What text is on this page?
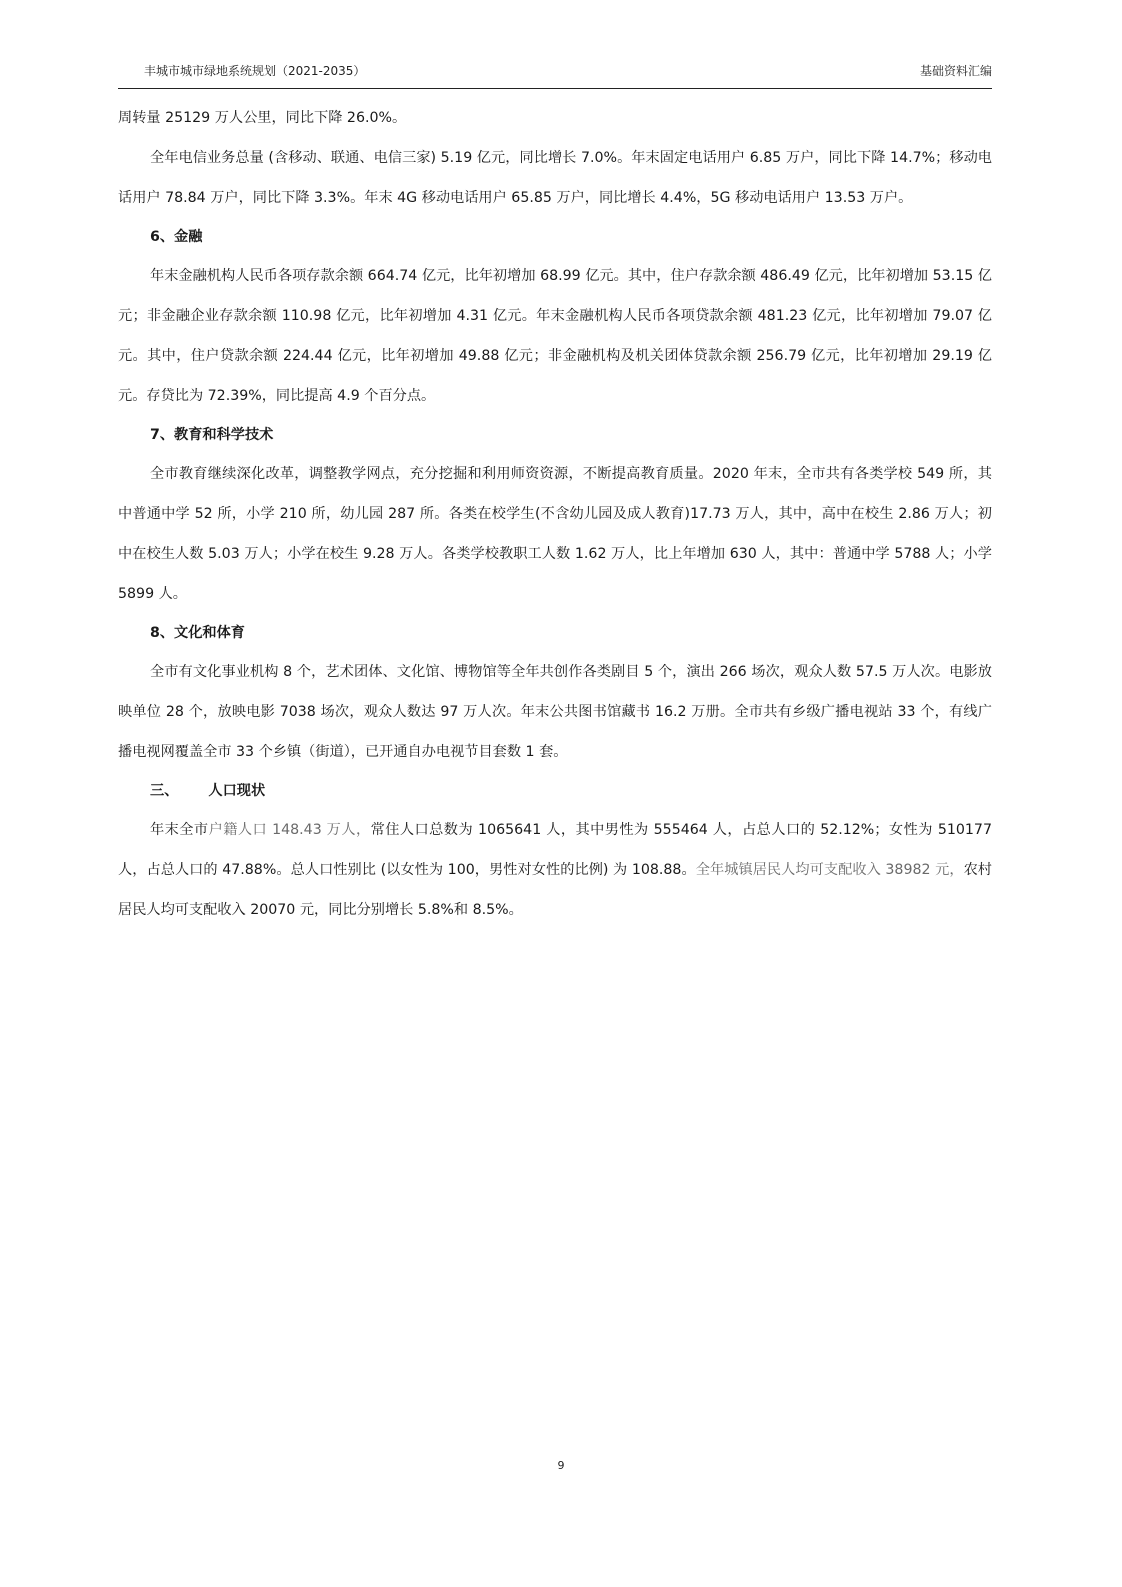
丰城市城市绿地系统规划（2021-2035）	基础资料汇编

周转量 25129 万人公里，同比下降 26.0%。

全年电信业务总量 (含移动、联通、电信三家) 5.19 亿元，同比增长 7.0%。年末固定电话用户 6.85 万户，同比下降 14.7%；移动电话用户 78.84 万户，同比下降 3.3%。年末 4G 移动电话用户 65.85 万户，同比增长 4.4%，5G 移动电话用户 13.53 万户。

6、金融

年末金融机构人民币各项存款余额 664.74 亿元，比年初增加 68.99 亿元。其中，住户存款余额 486.49 亿元，比年初增加 53.15 亿元；非金融企业存款余额 110.98 亿元，比年初增加 4.31 亿元。年末金融机构人民币各项贷款余额 481.23 亿元，比年初增加 79.07 亿元。其中，住户贷款余额 224.44 亿元，比年初增加 49.88 亿元；非金融机构及机关团体贷款余额 256.79 亿元，比年初增加 29.19 亿元。存贷比为 72.39%，同比提高 4.9 个百分点。

7、教育和科学技术

全市教育继续深化改革，调整教学网点，充分挖掘和利用师资资源，不断提高教育质量。2020 年末，全市共有各类学校 549 所，其中普通中学 52 所，小学 210 所，幼儿园 287 所。各类在校学生(不含幼儿园及成人教育)17.73 万人，其中，高中在校生 2.86 万人；初中在校生人数 5.03 万人；小学在校生 9.28 万人。各类学校教职工人数 1.62 万人，比上年增加 630 人，其中：普通中学 5788 人；小学 5899 人。

8、文化和体育

全市有文化事业机构 8 个，艺术团体、文化馆、博物馆等全年共创作各类剧目 5 个，演出 266 场次，观众人数 57.5 万人次。电影放映单位 28 个，放映电影 7038 场次，观众人数达 97 万人次。年末公共图书馆藏书 16.2 万册。全市共有乡级广播电视站 33 个，有线广播电视网覆盖全市 33 个乡镇（街道），已开通自办电视节目套数 1 套。

三、 人口现状

年末全市户籍人口 148.43 万人，常住人口总数为 1065641 人，其中男性为 555464 人，占总人口的 52.12%；女性为 510177 人，占总人口的 47.88%。总人口性别比 (以女性为 100，男性对女性的比例) 为 108.88。全年城镇居民人均可支配收入 38982 元，农村居民人均可支配收入 20070 元，同比分别增长 5.8%和 8.5%。

9
